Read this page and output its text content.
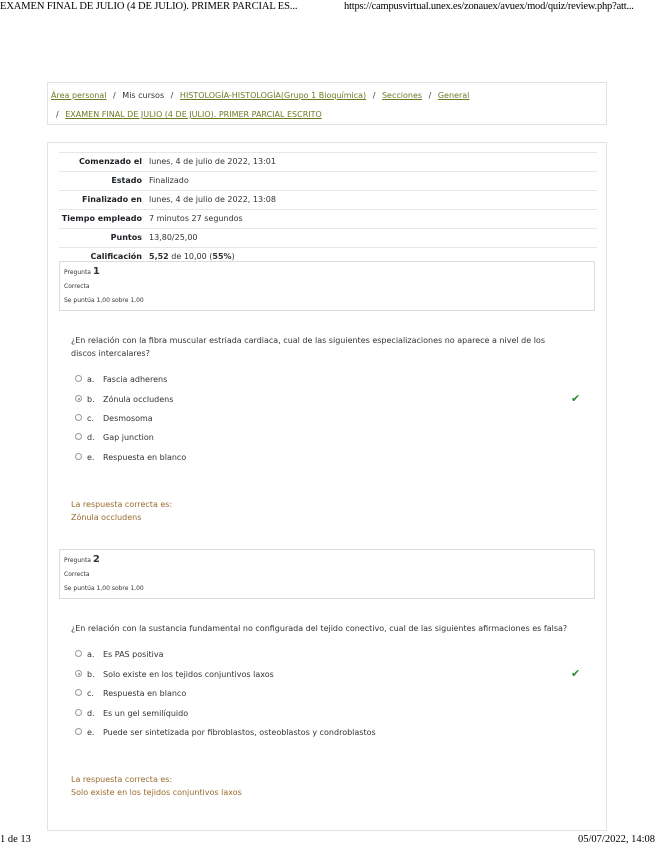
EXAMEN FINAL DE JULIO (4 DE JULIO). PRIMER PARCIAL ES...	https://campusvirtual.unex.es/zonauex/avuex/mod/quiz/review.php?att...
Área personal / Mis cursos / HISTOLOGÍA-HISTOLOGÍA(Grupo 1 Bioquímica) / Secciones / General
/ EXAMEN FINAL DE JULIO (4 DE JULIO). PRIMER PARCIAL ESCRITO
Comenzado el lunes, 4 de julio de 2022, 13:01
Estado Finalizado
Finalizado en lunes, 4 de julio de 2022, 13:08
Tiempo empleado 7 minutos 27 segundos
Puntos 13,80/25,00
Calificación 5,52 de 10,00 (55%)
Pregunta 1
Correcta
Se puntúa 1,00 sobre 1,00
¿En relación con la fibra muscular estriada cardiaca, cual de las siguientes especializaciones no aparece a nivel de los discos intercalares?
a. Fascia adherens
b. Zónula occludens	✔
c. Desmosoma
d. Gap junction
e. Respuesta en blanco
La respuesta correcta es:
Zónula occludens
Pregunta 2
Correcta
Se puntúa 1,00 sobre 1,00
¿En relación con la sustancia fundamental no configurada del tejido conectivo, cual de las siguientes afirmaciones es falsa?
a. Es PAS positiva
b. Solo existe en los tejidos conjuntivos laxos	✔
c. Respuesta en blanco
d. Es un gel semilíquido
e. Puede ser sintetizada por fibroblastos, osteoblastos y condroblastos
La respuesta correcta es:
Solo existe en los tejidos conjuntivos laxos
1 de 13	05/07/2022, 14:08
